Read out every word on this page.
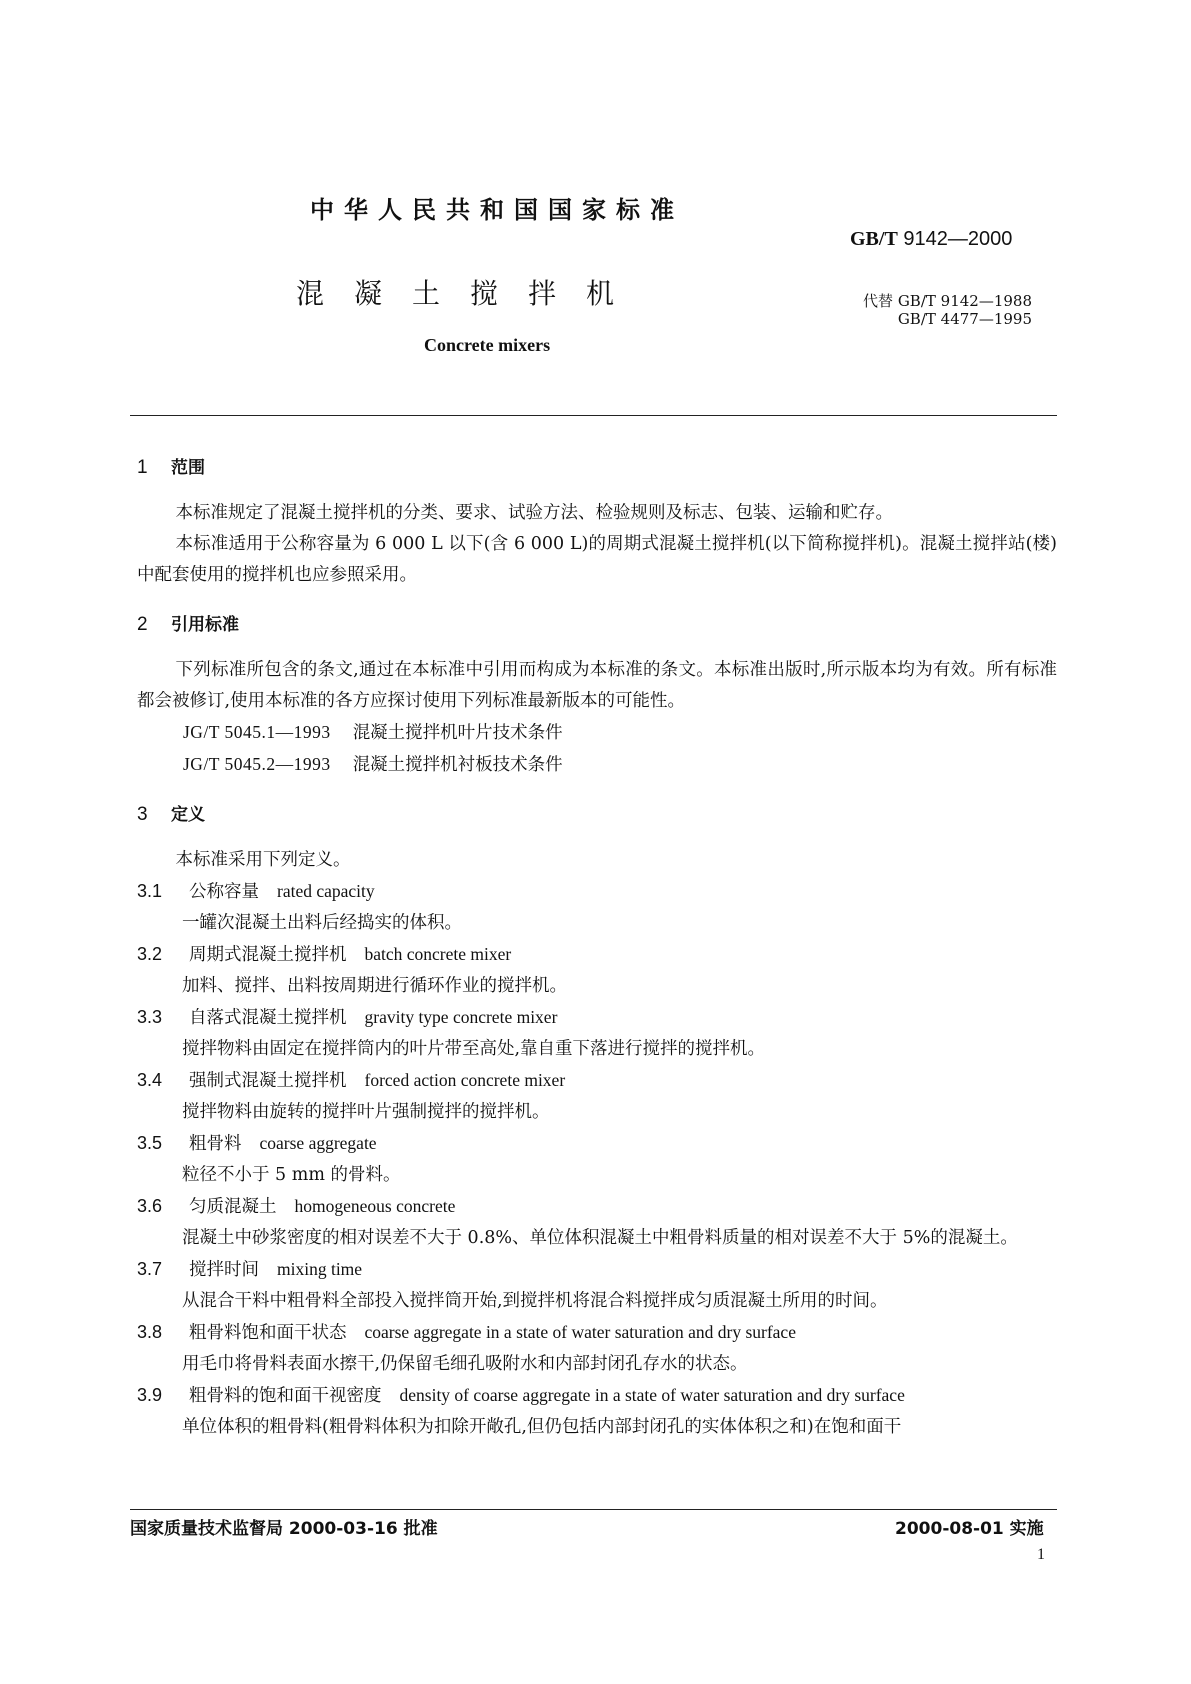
中华人民共和国国家标准
GB/T 9142—2000
混凝土搅拌机	代替 GB/T 9142—1988
GB/T 4477—1995
Concrete mixers
1 范围

本标准规定了混凝土搅拌机的分类、要求、试验方法、检验规则及标志、包装、运输和贮存。

本标准适用于公称容量为 6 000 L 以下(含 6 000 L)的周期式混凝土搅拌机(以下简称搅拌机)。混凝土搅拌站(楼)中配套使用的搅拌机也应参照采用。

2 引用标准

下列标准所包含的条文,通过在本标准中引用而构成为本标准的条文。本标准出版时,所示版本均为有效。所有标准都会被修订,使用本标准的各方应探讨使用下列标准最新版本的可能性。

JG/T 5045.1—1993 混凝土搅拌机叶片技术条件

JG/T 5045.2—1993 混凝土搅拌机衬板技术条件

3 定义

本标准采用下列定义。

3.1 公称容量 rated capacity

一罐次混凝土出料后经捣实的体积。

3.2 周期式混凝土搅拌机 batch concrete mixer

加料、搅拌、出料按周期进行循环作业的搅拌机。

3.3 自落式混凝土搅拌机 gravity type concrete mixer

搅拌物料由固定在搅拌筒内的叶片带至高处,靠自重下落进行搅拌的搅拌机。

3.4 强制式混凝土搅拌机 forced action concrete mixer

搅拌物料由旋转的搅拌叶片强制搅拌的搅拌机。

3.5 粗骨料 coarse aggregate

粒径不小于 5 mm 的骨料。

3.6 匀质混凝土 homogeneous concrete

混凝土中砂浆密度的相对误差不大于 0.8%、单位体积混凝土中粗骨料质量的相对误差不大于 5%的混凝土。

3.7 搅拌时间 mixing time

从混合干料中粗骨料全部投入搅拌筒开始,到搅拌机将混合料搅拌成匀质混凝土所用的时间。

3.8 粗骨料饱和面干状态 coarse aggregate in a state of water saturation and dry surface

用毛巾将骨料表面水擦干,仍保留毛细孔吸附水和内部封闭孔存水的状态。

3.9 粗骨料的饱和面干视密度 density of coarse aggregate in a state of water saturation and dry surface

单位体积的粗骨料(粗骨料体积为扣除开敞孔,但仍包括内部封闭孔的实体体积之和)在饱和面干

国家质量技术监督局 2000-03-16 批准	2000-08-01 实施
1
